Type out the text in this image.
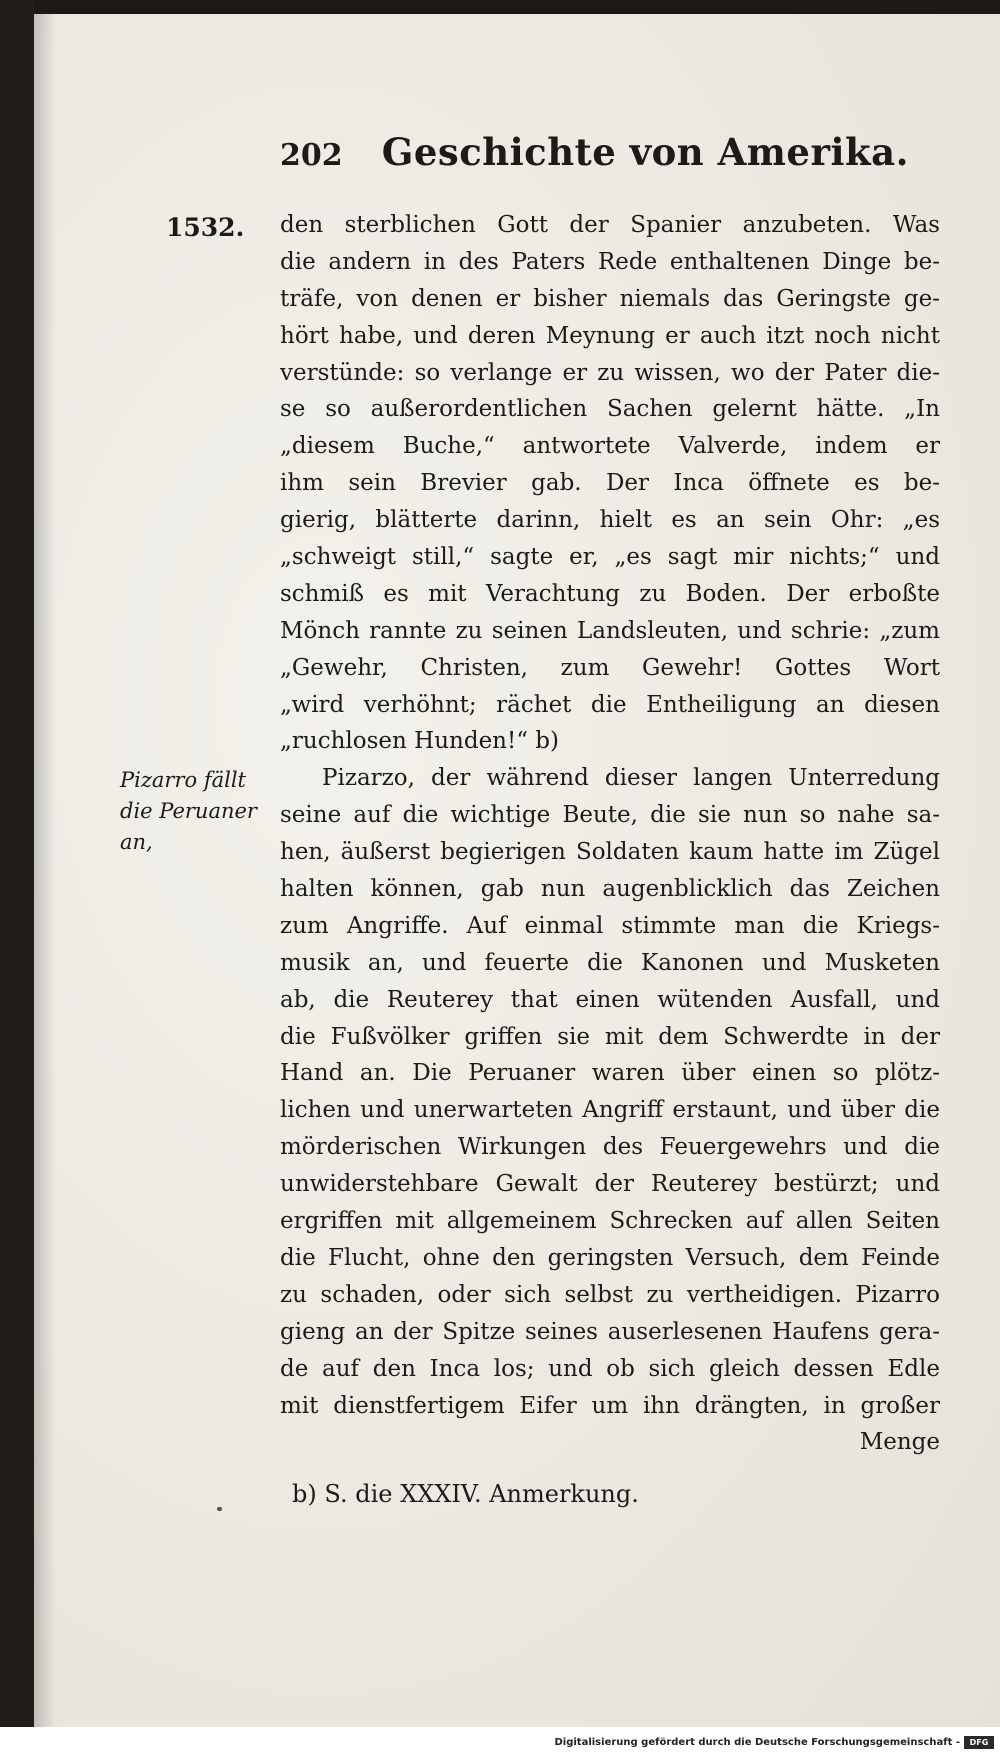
202 Geschichte von Amerika.
1532.
Pizarro fällt
die Peruaner
an,
den sterblichen Gott der Spanier anzubeten. Was
die andern in des Paters Rede enthaltenen Dinge be-
träfe, von denen er bisher niemals das Geringste ge-
hört habe, und deren Meynung er auch itzt noch nicht
verstünde: so verlange er zu wissen, wo der Pater die-
se so außerordentlichen Sachen gelernt hätte. „In
„diesem Buche,“ antwortete Valverde, indem er
ihm sein Brevier gab. Der Inca öffnete es be-
gierig, blätterte darinn, hielt es an sein Ohr: „es
„schweigt still,“ sagte er, „es sagt mir nichts;“ und
schmiß es mit Verachtung zu Boden. Der erboßte
Mönch rannte zu seinen Landsleuten, und schrie: „zum
„Gewehr, Christen, zum Gewehr! Gottes Wort
„wird verhöhnt; rächet die Entheiligung an diesen
„ruchlosen Hunden!“ b)
Pizarzo, der während dieser langen Unterredung
seine auf die wichtige Beute, die sie nun so nahe sa-
hen, äußerst begierigen Soldaten kaum hatte im Zügel
halten können, gab nun augenblicklich das Zeichen
zum Angriffe. Auf einmal stimmte man die Kriegs-
musik an, und feuerte die Kanonen und Musketen
ab, die Reuterey that einen wütenden Ausfall, und
die Fußvölker griffen sie mit dem Schwerdte in der
Hand an. Die Peruaner waren über einen so plötz-
lichen und unerwarteten Angriff erstaunt, und über die
mörderischen Wirkungen des Feuergewehrs und die
unwiderstehbare Gewalt der Reuterey bestürzt; und
ergriffen mit allgemeinem Schrecken auf allen Seiten
die Flucht, ohne den geringsten Versuch, dem Feinde
zu schaden, oder sich selbst zu vertheidigen. Pizarro
gieng an der Spitze seines auserlesenen Haufens gera-
de auf den Inca los; und ob sich gleich dessen Edle
mit dienstfertigem Eifer um ihn drängten, in großer
Menge
b) S. die XXXIV. Anmerkung.
Digitalisierung gefördert durch die Deutsche Forschungsgemeinschaft -	DFG
